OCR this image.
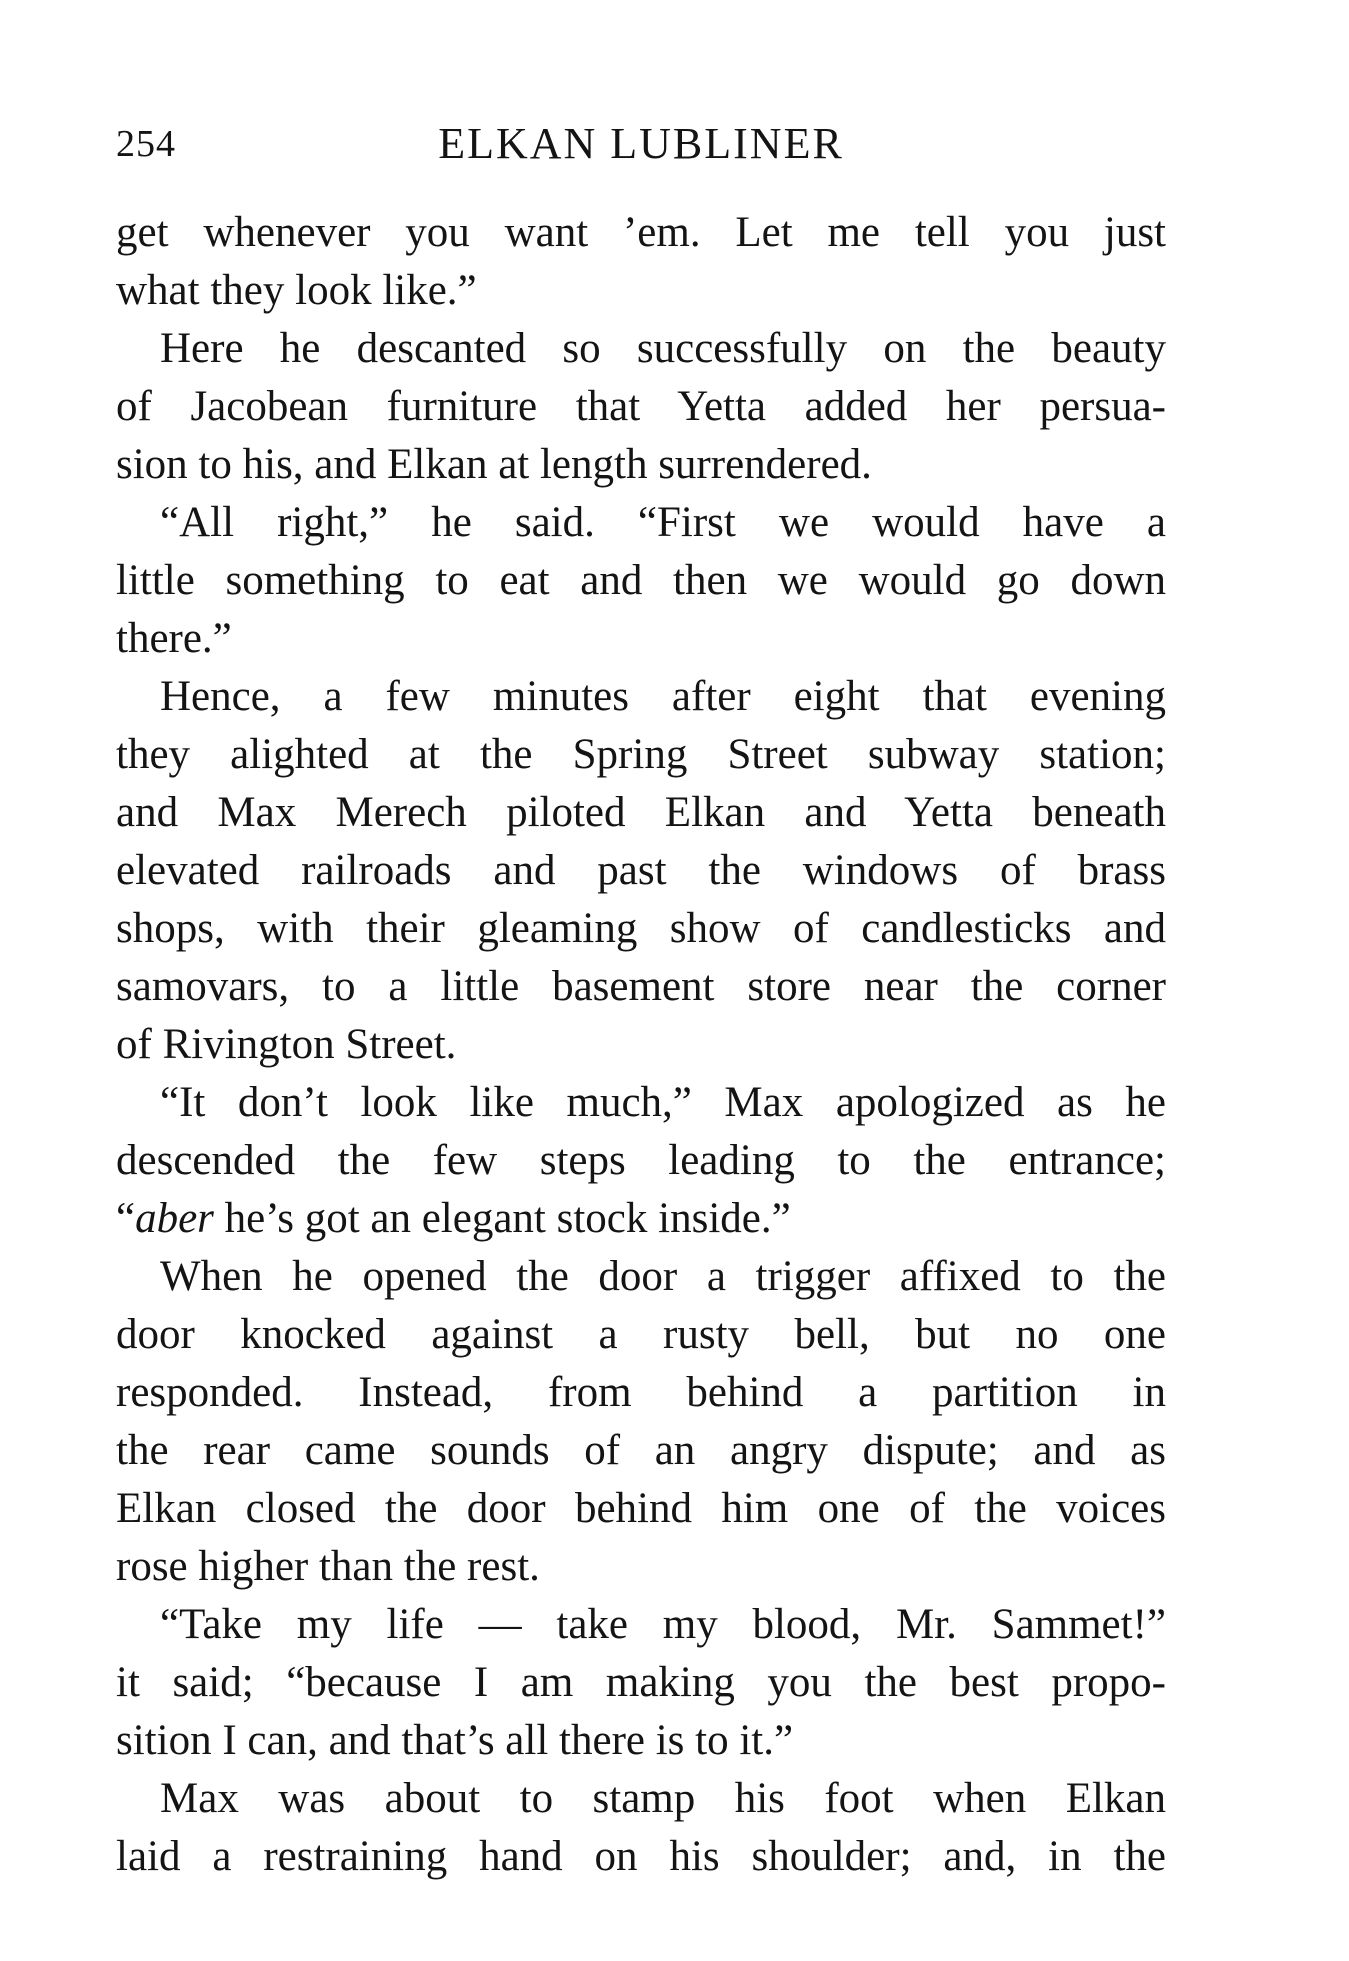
254	ELKAN LUBLINER

get whenever you want ’em. Let me tell you just
what they look like.”

Here he descanted so successfully on the beauty
of Jacobean furniture that Yetta added her persua-
sion to his, and Elkan at length surrendered.

“All right,” he said. “First we would have a
little something to eat and then we would go down
there.”

Hence, a few minutes after eight that evening
they alighted at the Spring Street subway station;
and Max Merech piloted Elkan and Yetta beneath
elevated railroads and past the windows of brass
shops, with their gleaming show of candlesticks and
samovars, to a little basement store near the corner
of Rivington Street.

“It don’t look like much,” Max apologized as he
descended the few steps leading to the entrance;
“aber he’s got an elegant stock inside.”

When he opened the door a trigger affixed to the
door knocked against a rusty bell, but no one
responded. Instead, from behind a partition in
the rear came sounds of an angry dispute; and as
Elkan closed the door behind him one of the voices
rose higher than the rest.

“Take my life — take my blood, Mr. Sammet!”
it said; “because I am making you the best propo-
sition I can, and that’s all there is to it.”

Max was about to stamp his foot when Elkan
laid a restraining hand on his shoulder; and, in the
